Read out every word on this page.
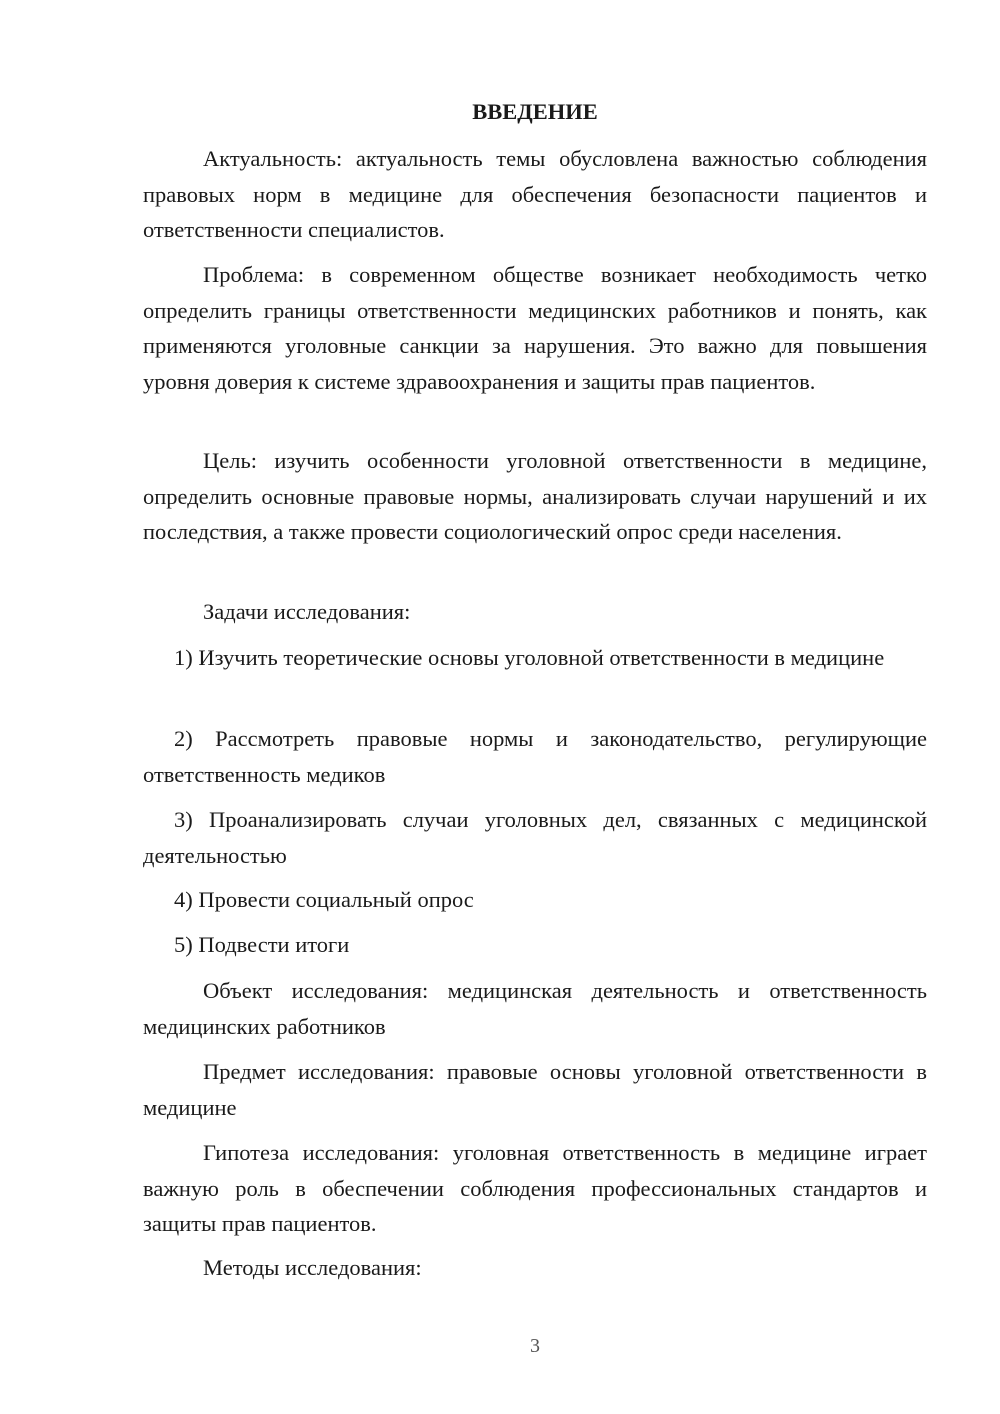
ВВЕДЕНИЕ

Актуальность: актуальность темы обусловлена важностью соблюдения правовых норм в медицине для обеспечения безопасности пациентов и ответственности специалистов.

Проблема: в современном обществе возникает необходимость четко определить границы ответственности медицинских работников и понять, как применяются уголовные санкции за нарушения. Это важно для повышения уровня доверия к системе здравоохранения и защиты прав пациентов.

Цель: изучить особенности уголовной ответственности в медицине, определить основные правовые нормы, анализировать случаи нарушений и их последствия, а также провести социологический опрос среди населения.

Задачи исследования:

1) Изучить теоретические основы уголовной ответственности в медицине

2) Рассмотреть правовые нормы и законодательство, регулирующие ответственность медиков

3) Проанализировать случаи уголовных дел, связанных с медицинской деятельностью

4) Провести социальный опрос

5) Подвести итоги

Объект исследования: медицинская деятельность и ответственность медицинских работников

Предмет исследования: правовые основы уголовной ответственности в медицине

Гипотеза исследования: уголовная ответственность в медицине играет важную роль в обеспечении соблюдения профессиональных стандартов и защиты прав пациентов.

Методы исследования:

3
